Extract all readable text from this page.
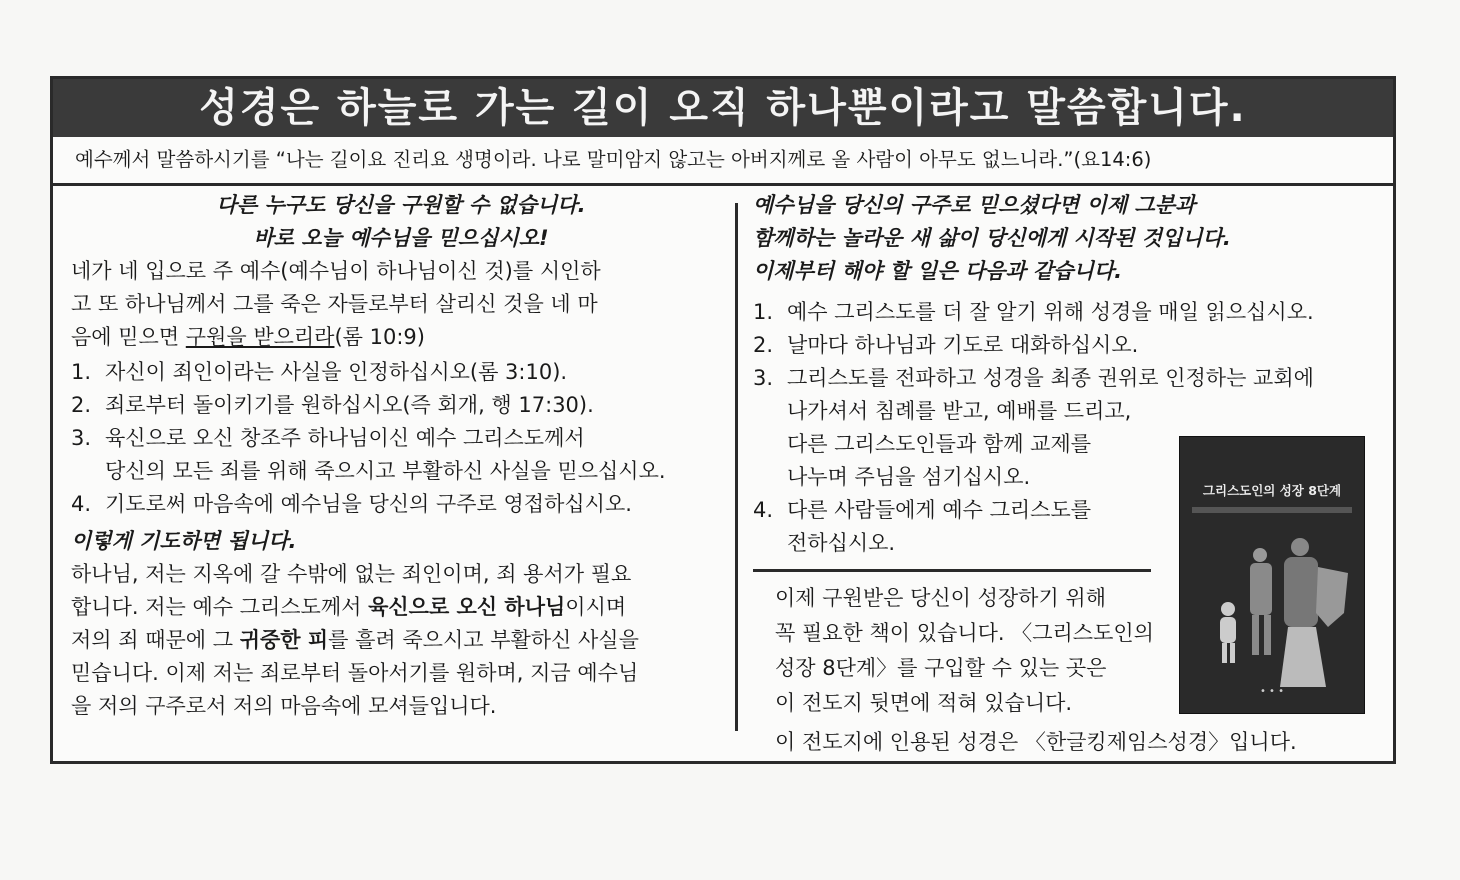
성경은 하늘로 가는 길이 오직 하나뿐이라고 말씀합니다.
예수께서 말씀하시기를 “나는 길이요 진리요 생명이라. 나로 말미암지 않고는 아버지께로 올 사람이 아무도 없느니라.”(요14:6)
다른 누구도 당신을 구원할 수 없습니다.
바로 오늘 예수님을 믿으십시오!

네가 네 입으로 주 예수(예수님이 하나님이신 것)를 시인하

고 또 하나님께서 그를 죽은 자들로부터 살리신 것을 네 마

음에 믿으면 구원을 받으리라(롬 10:9)

1. 자신이 죄인이라는 사실을 인정하십시오(롬 3:10).
2. 죄로부터 돌이키기를 원하십시오(즉 회개, 행 17:30).
3. 육신으로 오신 창조주 하나님이신 예수 그리스도께서
당신의 모든 죄를 위해 죽으시고 부활하신 사실을 믿으십시오.
4. 기도로써 마음속에 예수님을 당신의 구주로 영접하십시오.
이렇게 기도하면 됩니다.

하나님, 저는 지옥에 갈 수밖에 없는 죄인이며, 죄 용서가 필요

합니다. 저는 예수 그리스도께서 육신으로 오신 하나님이시며

저의 죄 때문에 그 귀중한 피를 흘려 죽으시고 부활하신 사실을

믿습니다. 이제 저는 죄로부터 돌아서기를 원하며, 지금 예수님

을 저의 구주로서 저의 마음속에 모셔들입니다.

예수님을 당신의 구주로 믿으셨다면 이제 그분과
함께하는 놀라운 새 삶이 당신에게 시작된 것입니다.
이제부터 해야 할 일은 다음과 같습니다.
1. 예수 그리스도를 더 잘 알기 위해 성경을 매일 읽으십시오.
2. 날마다 하나님과 기도로 대화하십시오.
3. 그리스도를 전파하고 성경을 최종 권위로 인정하는 교회에
나가셔서 침례를 받고, 예배를 드리고,
다른 그리스도인들과 함께 교제를
나누며 주님을 섬기십시오.
4. 다른 사람들에게 예수 그리스도를
전하십시오.
이제 구원받은 당신이 성장하기 위해
꼭 필요한 책이 있습니다. 〈그리스도인의
성장 8단계〉를 구입할 수 있는 곳은
이 전도지 뒷면에 적혀 있습니다.
그리스도인의 성장 8단계
• • •
이 전도지에 인용된 성경은 〈한글킹제임스성경〉입니다.
